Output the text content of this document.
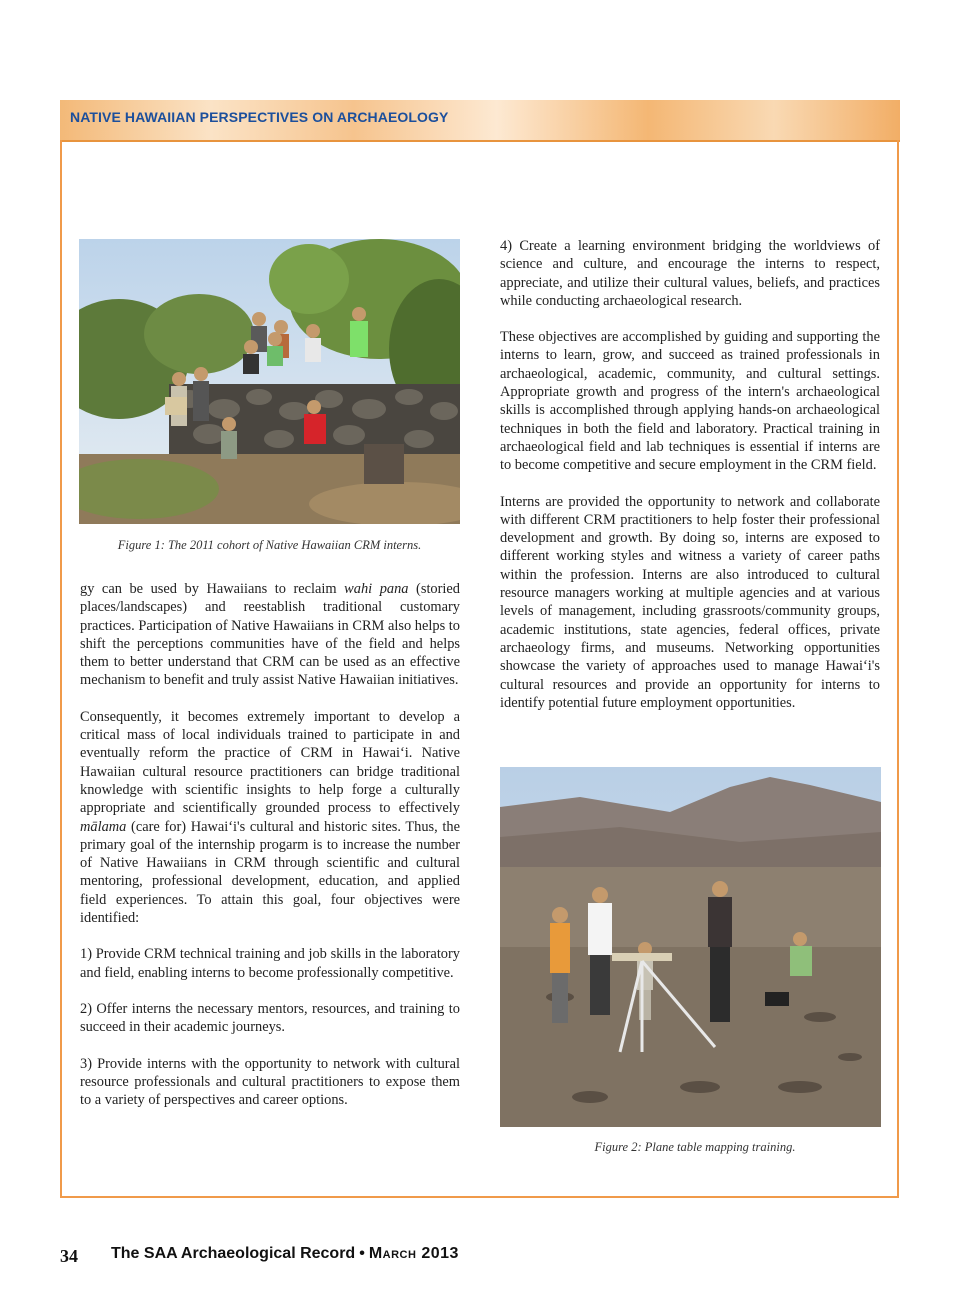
NATIVE HAWAIIAN PERSPECTIVES ON ARCHAEOLOGY
Figure 1: The 2011 cohort of Native Hawaiian CRM interns.

gy can be used by Hawaiians to reclaim wahi pana (storied places/landscapes) and reestablish traditional customary practices. Participation of Native Hawaiians in CRM also helps to shift the perceptions communities have of the field and helps them to better understand that CRM can be used as an effective mechanism to benefit and truly assist Native Hawaiian initiatives.

Consequently, it becomes extremely important to develop a critical mass of local individuals trained to participate in and eventually reform the practice of CRM in Hawai‘i. Native Hawaiian cultural resource practitioners can bridge traditional knowledge with scientific insights to help forge a culturally appropriate and scientifically grounded process to effectively mālama (care for) Hawai‘i's cultural and historic sites. Thus, the primary goal of the internship progarm is to increase the number of Native Hawaiians in CRM through scientific and cultural mentoring, professional development, education, and applied field experiences. To attain this goal, four objectives were identified:

1) Provide CRM technical training and job skills in the laboratory and field, enabling interns to become professionally competitive.

2) Offer interns the necessary mentors, resources, and training to succeed in their academic journeys.

3) Provide interns with the opportunity to network with cultural resource professionals and cultural practitioners to expose them to a variety of perspectives and career options.

4) Create a learning environment bridging the worldviews of science and culture, and encourage the interns to respect, appreciate, and utilize their cultural values, beliefs, and practices while conducting archaeological research.

These objectives are accomplished by guiding and supporting the interns to learn, grow, and succeed as trained professionals in archaeological, academic, community, and cultural settings. Appropriate growth and progress of the intern's archaeological skills is accomplished through applying hands-on archaeological techniques in both the field and laboratory. Practical training in archaeological field and lab techniques is essential if interns are to become competitive and secure employment in the CRM field.

Interns are provided the opportunity to network and collaborate with different CRM practitioners to help foster their professional development and growth. By doing so, interns are exposed to different working styles and witness a variety of career paths within the profession. Interns are also introduced to cultural resource managers working at multiple agencies and at various levels of management, including grassroots/community groups, academic institutions, state agencies, federal offices, private archaeology firms, and museums. Networking opportunities showcase the variety of approaches used to manage Hawai‘i's cultural resources and provide an opportunity for interns to identify potential future employment opportunities.

Figure 2: Plane table mapping training.
34 The SAA Archaeological Record • March 2013
